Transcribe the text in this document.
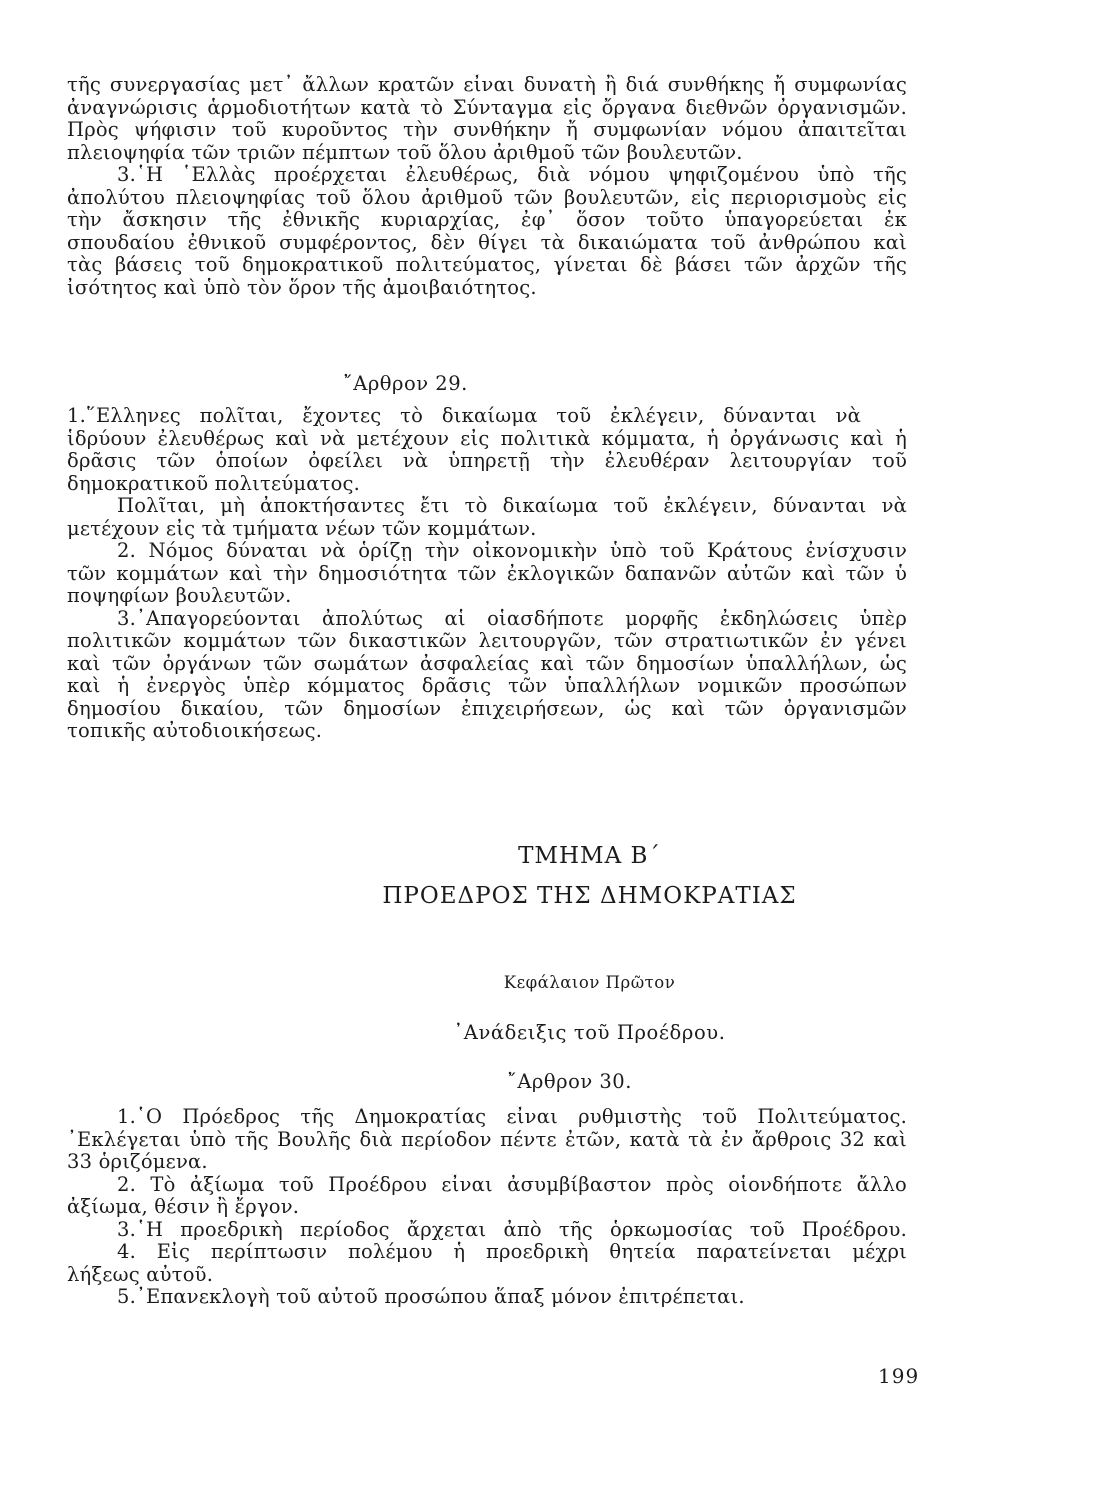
τῆς συνεργασίας μετ᾽ ἄλλων κρατῶν εἶναι δυνατὴ ἢ διά συνθήκης ἤ συμφωνίας
ἀναγνώρισις ἁρμοδιοτήτων κατὰ τὸ Σύνταγμα εἰς ὄργανα διεθνῶν ὀργανισμῶν.
Πρὸς ψήφισιν τοῦ κυροῦντος τὴν συνθήκην ἤ συμφωνίαν νόμου ἀπαιτεῖται
πλειοψηφία τῶν τριῶν πέμπτων τοῦ ὅλου ἀριθμοῦ τῶν βουλευτῶν.
3.῾Η ῾Ελλὰς προέρχεται ἐλευθέρως, διὰ νόμου ψηφιζομένου ὑπὸ τῆς
ἀπολύτου πλειοψηφίας τοῦ ὅλου ἀριθμοῦ τῶν βουλευτῶν, εἰς περιορισμοὺς εἰς
τὴν ἄσκησιν τῆς ἐθνικῆς κυριαρχίας, ἐφ᾽ ὅσον τοῦτο ὑπαγορεύεται ἐκ
σπουδαίου ἐθνικοῦ συμφέροντος, δὲν θίγει τὰ δικαιώματα τοῦ ἀνθρώπου καὶ
τὰς βάσεις τοῦ δημοκρατικοῦ πολιτεύματος, γίνεται δὲ βάσει τῶν ἀρχῶν τῆς
ἰσότητος καὶ ὑπὸ τὸν ὅρον τῆς ἀμοιβαιότητος.
῎Αρθρον 29.
1.῞Ελληνες πολῖται, ἔχοντες τὸ δικαίωμα τοῦ ἐκλέγειν, δύνανται νὰ
ἱδρύουν ἐλευθέρως καὶ νὰ μετέχουν εἰς πολιτικὰ κόμματα, ἡ ὀργάνωσις καὶ ἡ
δρᾶσις τῶν ὁποίων ὀφείλει νὰ ὑπηρετῇ τὴν ἐλευθέραν λειτουργίαν τοῦ
δημοκρατικοῦ πολιτεύματος.
Πολῖται, μὴ ἀποκτήσαντες ἔτι τὸ δικαίωμα τοῦ ἐκλέγειν, δύνανται νὰ
μετέχουν εἰς τὰ τμήματα νέων τῶν κομμάτων.
2. Νόμος δύναται νὰ ὁρίζῃ τὴν οἰκονομικὴν ὑπὸ τοῦ Κράτους ἐνίσχυσιν
τῶν κομμάτων καὶ τὴν δημοσιότητα τῶν ἐκλογικῶν δαπανῶν αὐτῶν καὶ τῶν ὑ
ποψηφίων βουλευτῶν.
3.᾽Απαγορεύονται ἀπολύτως αἱ οἱασδήποτε μορφῆς ἐκδηλώσεις ὑπὲρ
πολιτικῶν κομμάτων τῶν δικαστικῶν λειτουργῶν, τῶν στρατιωτικῶν ἐν γένει
καὶ τῶν ὀργάνων τῶν σωμάτων ἀσφαλείας καὶ τῶν δημοσίων ὑπαλλήλων, ὡς
καὶ ἡ ἐνεργὸς ὑπὲρ κόμματος δρᾶσις τῶν ὑπαλλήλων νομικῶν προσώπων
δημοσίου δικαίου, τῶν δημοσίων ἐπιχειρήσεων, ὡς καὶ τῶν ὀργανισμῶν
τοπικῆς αὐτοδιοικήσεως.
ΤΜΗΜΑ Β΄
ΠΡΟΕΔΡΟΣ ΤΗΣ ΔΗΜΟΚΡΑΤΙΑΣ
Κεφάλαιον Πρῶτον
᾽Ανάδειξις τοῦ Προέδρου.
῎Αρθρον 30.
1.῾Ο Πρόεδρος τῆς Δημοκρατίας εἶναι ρυθμιστὴς τοῦ Πολιτεύματος.
᾽Εκλέγεται ὑπὸ τῆς Βουλῆς διὰ περίοδον πέντε ἐτῶν, κατὰ τὰ ἐν ἄρθροις 32 καὶ
33 ὁριζόμενα.
2. Τὸ ἀξίωμα τοῦ Προέδρου εἶναι ἀσυμβίβαστον πρὸς οἱονδήποτε ἄλλο
ἀξίωμα, θέσιν ἢ ἔργον.
3.῾Η προεδρικὴ περίοδος ἄρχεται ἀπὸ τῆς ὁρκωμοσίας τοῦ Προέδρου.
4. Εἰς περίπτωσιν πολέμου ἡ προεδρικὴ θητεία παρατείνεται μέχρι
λήξεως αὐτοῦ.
5.᾽Επανεκλογὴ τοῦ αὐτοῦ προσώπου ἅπαξ μόνον ἐπιτρέπεται.
199
